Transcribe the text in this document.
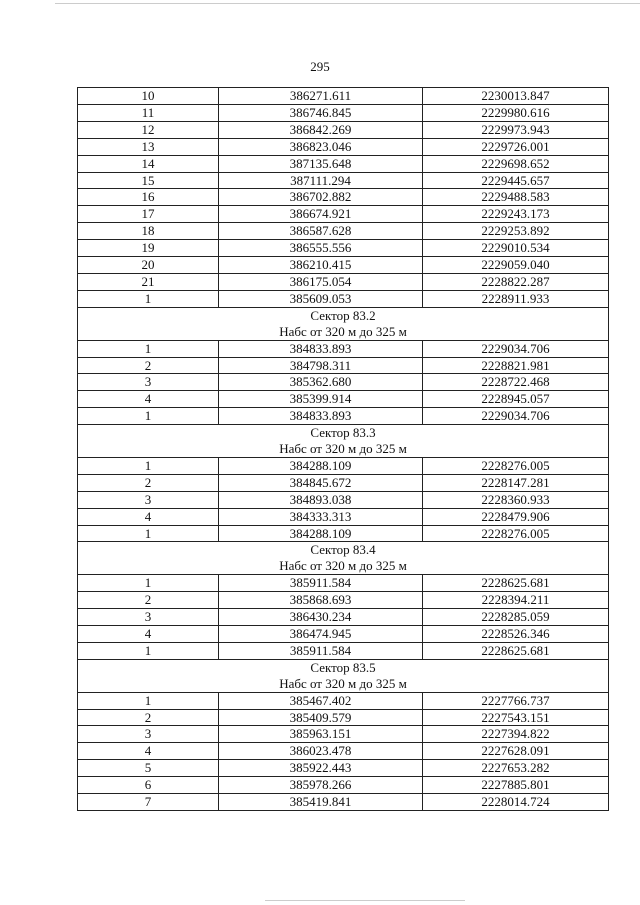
295
10	386271.611	2230013.847
11	386746.845	2229980.616
12	386842.269	2229973.943
13	386823.046	2229726.001
14	387135.648	2229698.652
15	387111.294	2229445.657
16	386702.882	2229488.583
17	386674.921	2229243.173
18	386587.628	2229253.892
19	386555.556	2229010.534
20	386210.415	2229059.040
21	386175.054	2228822.287
1	385609.053	2228911.933
Сектор 83.2		
Набс от 320 м до 325 м		
1	384833.893	2229034.706
2	384798.311	2228821.981
3	385362.680	2228722.468
4	385399.914	2228945.057
1	384833.893	2229034.706
Сектор 83.3		
Набс от 320 м до 325 м		
1	384288.109	2228276.005
2	384845.672	2228147.281
3	384893.038	2228360.933
4	384333.313	2228479.906
1	384288.109	2228276.005
Сектор 83.4		
Набс от 320 м до 325 м		
1	385911.584	2228625.681
2	385868.693	2228394.211
3	386430.234	2228285.059
4	386474.945	2228526.346
1	385911.584	2228625.681
Сектор 83.5		
Набс от 320 м до 325 м		
1	385467.402	2227766.737
2	385409.579	2227543.151
3	385963.151	2227394.822
4	386023.478	2227628.091
5	385922.443	2227653.282
6	385978.266	2227885.801
7	385419.841	2228014.724
